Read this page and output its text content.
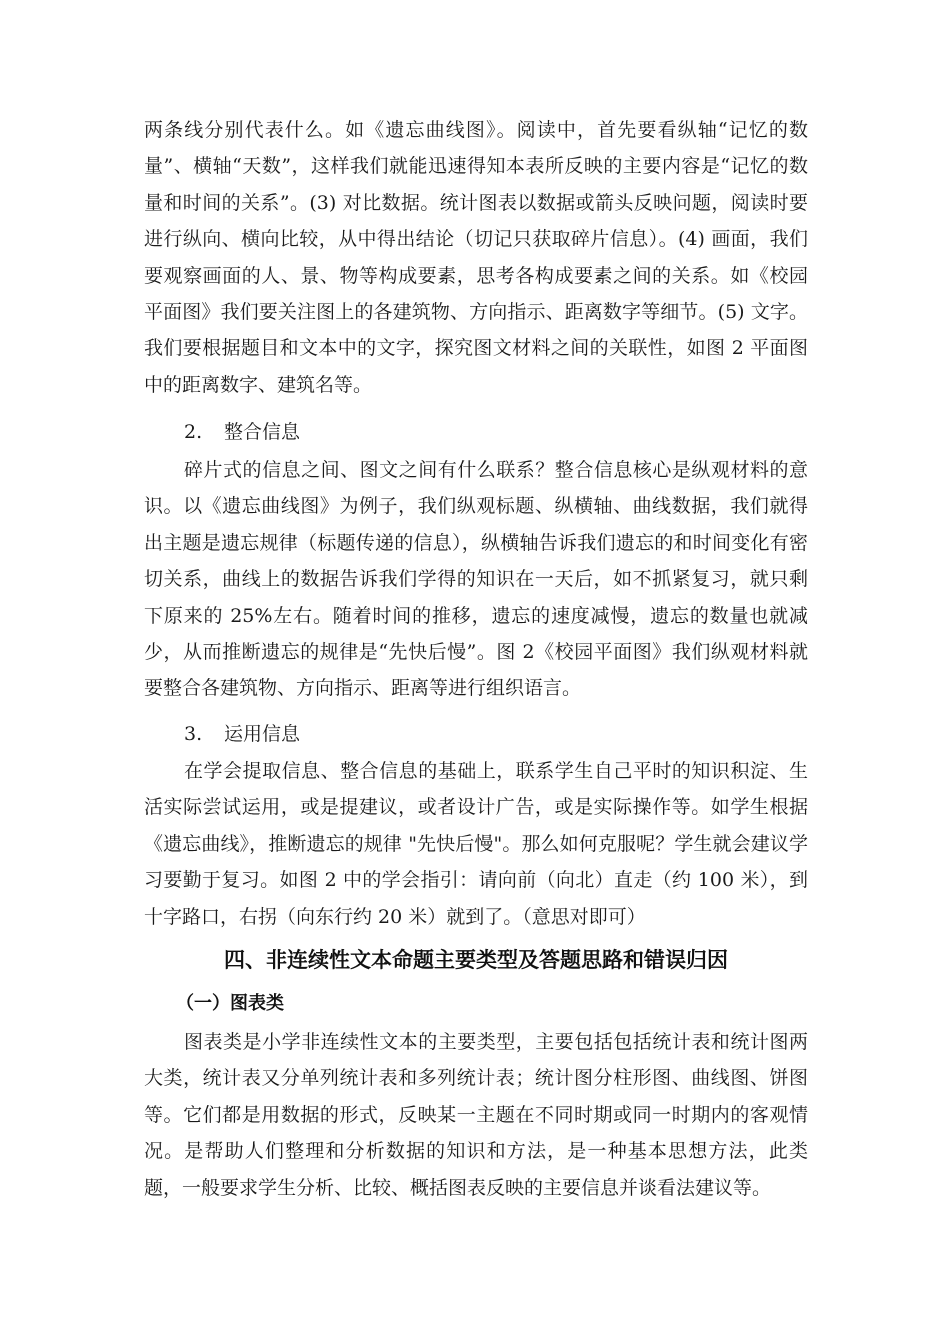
两条线分别代表什么。如《遗忘曲线图》。阅读中，首先要看纵轴“记忆的数量”、横轴“天数”，这样我们就能迅速得知本表所反映的主要内容是“记忆的数量和时间的关系”。(3) 对比数据。统计图表以数据或箭头反映问题，阅读时要进行纵向、横向比较，从中得出结论（切记只获取碎片信息）。(4) 画面，我们要观察画面的人、景、物等构成要素，思考各构成要素之间的关系。如《校园平面图》我们要关注图上的各建筑物、方向指示、距离数字等细节。(5) 文字。我们要根据题目和文本中的文字，探究图文材料之间的关联性，如图 2 平面图中的距离数字、建筑名等。

2. 整合信息

碎片式的信息之间、图文之间有什么联系？整合信息核心是纵观材料的意识。以《遗忘曲线图》为例子，我们纵观标题、纵横轴、曲线数据，我们就得出主题是遗忘规律（标题传递的信息），纵横轴告诉我们遗忘的和时间变化有密切关系，曲线上的数据告诉我们学得的知识在一天后，如不抓紧复习，就只剩下原来的 25%左右。随着时间的推移，遗忘的速度减慢，遗忘的数量也就减少，从而推断遗忘的规律是“先快后慢”。图 2《校园平面图》我们纵观材料就要整合各建筑物、方向指示、距离等进行组织语言。

3. 运用信息

在学会提取信息、整合信息的基础上，联系学生自己平时的知识积淀、生活实际尝试运用，或是提建议，或者设计广告，或是实际操作等。如学生根据《遗忘曲线》，推断遗忘的规律 "先快后慢"。那么如何克服呢？学生就会建议学习要勤于复习。如图 2 中的学会指引：请向前（向北）直走（约 100 米），到十字路口，右拐（向东行约 20 米）就到了。（意思对即可）

四、非连续性文本命题主要类型及答题思路和错误归因
（一）图表类

图表类是小学非连续性文本的主要类型，主要包括包括统计表和统计图两大类，统计表又分单列统计表和多列统计表；统计图分柱形图、曲线图、饼图等。它们都是用数据的形式，反映某一主题在不同时期或同一时期内的客观情况。是帮助人们整理和分析数据的知识和方法，是一种基本思想方法，此类题，一般要求学生分析、比较、概括图表反映的主要信息并谈看法建议等。
